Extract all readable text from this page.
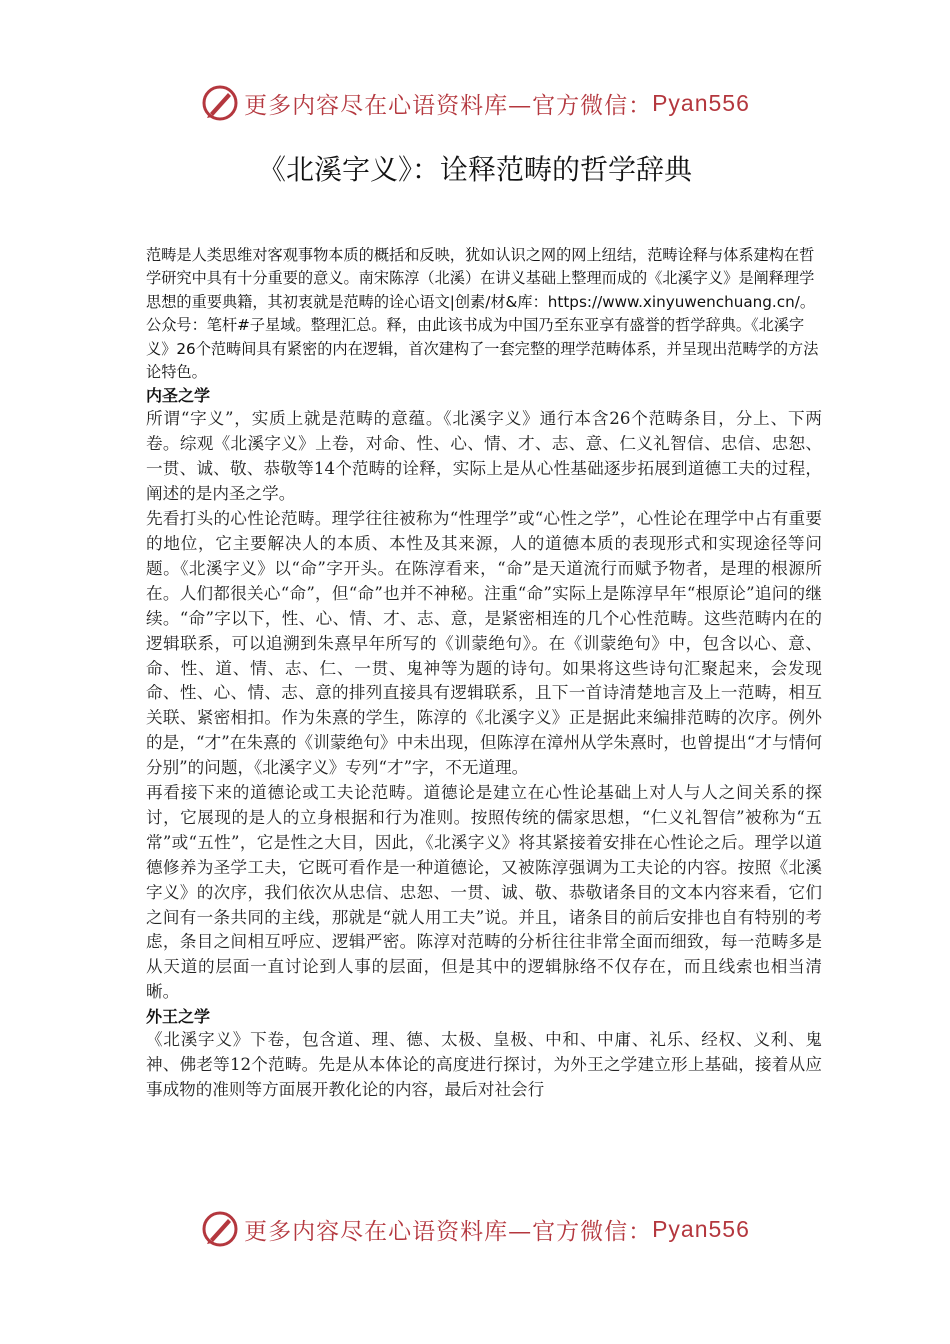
更多内容尽在心语资料库—官方微信： Pyan556
《北溪字义》：诠释范畴的哲学辞典

范畴是人类思维对客观事物本质的概括和反映，犹如认识之网的网上纽结，范畴诠释与体系建构在哲学研究中具有十分重要的意义。南宋陈淳（北溪）在讲义基础上整理而成的《北溪字义》是阐释理学思想的重要典籍，其初衷就是范畴的诠心语文|创素/材&库：https://www.xinyuwenchuang.cn/。公众号：笔杆#子星域。整理汇总。释，由此该书成为中国乃至东亚享有盛誉的哲学辞典。《北溪字义》26个范畴间具有紧密的内在逻辑，首次建构了一套完整的理学范畴体系，并呈现出范畴学的方法论特色。

内圣之学

所谓“字义”，实质上就是范畴的意蕴。《北溪字义》通行本含26个范畴条目，分上、下两卷。综观《北溪字义》上卷，对命、性、心、情、才、志、意、仁义礼智信、忠信、忠恕、一贯、诚、敬、恭敬等14个范畴的诠释，实际上是从心性基础逐步拓展到道德工夫的过程，阐述的是内圣之学。

先看打头的心性论范畴。理学往往被称为“性理学”或“心性之学”，心性论在理学中占有重要的地位，它主要解决人的本质、本性及其来源，人的道德本质的表现形式和实现途径等问题。《北溪字义》以“命”字开头。在陈淳看来，“命”是天道流行而赋予物者，是理的根源所在。人们都很关心“命”，但“命”也并不神秘。注重“命”实际上是陈淳早年“根原论”追问的继续。“命”字以下，性、心、情、才、志、意，是紧密相连的几个心性范畴。这些范畴内在的逻辑联系，可以追溯到朱熹早年所写的《训蒙绝句》。在《训蒙绝句》中，包含以心、意、命、性、道、情、志、仁、一贯、鬼神等为题的诗句。如果将这些诗句汇聚起来，会发现命、性、心、情、志、意的排列直接具有逻辑联系，且下一首诗清楚地言及上一范畴，相互关联、紧密相扣。作为朱熹的学生，陈淳的《北溪字义》正是据此来编排范畴的次序。例外的是，“才”在朱熹的《训蒙绝句》中未出现，但陈淳在漳州从学朱熹时，也曾提出“才与情何分别”的问题，《北溪字义》专列“才”字，不无道理。

再看接下来的道德论或工夫论范畴。道德论是建立在心性论基础上对人与人之间关系的探讨，它展现的是人的立身根据和行为准则。按照传统的儒家思想，“仁义礼智信”被称为“五常”或“五性”，它是性之大目，因此，《北溪字义》将其紧接着安排在心性论之后。理学以道德修养为圣学工夫，它既可看作是一种道德论，又被陈淳强调为工夫论的内容。按照《北溪字义》的次序，我们依次从忠信、忠恕、一贯、诚、敬、恭敬诸条目的文本内容来看，它们之间有一条共同的主线，那就是“就人用工夫”说。并且，诸条目的前后安排也自有特别的考虑，条目之间相互呼应、逻辑严密。陈淳对范畴的分析往往非常全面而细致，每一范畴多是从天道的层面一直讨论到人事的层面，但是其中的逻辑脉络不仅存在，而且线索也相当清晰。

外王之学

《北溪字义》下卷，包含道、理、德、太极、皇极、中和、中庸、礼乐、经权、义利、鬼神、佛老等12个范畴。先是从本体论的高度进行探讨，为外王之学建立形上基础，接着从应事成物的准则等方面展开教化论的内容，最后对社会行

更多内容尽在心语资料库—官方微信： Pyan556
